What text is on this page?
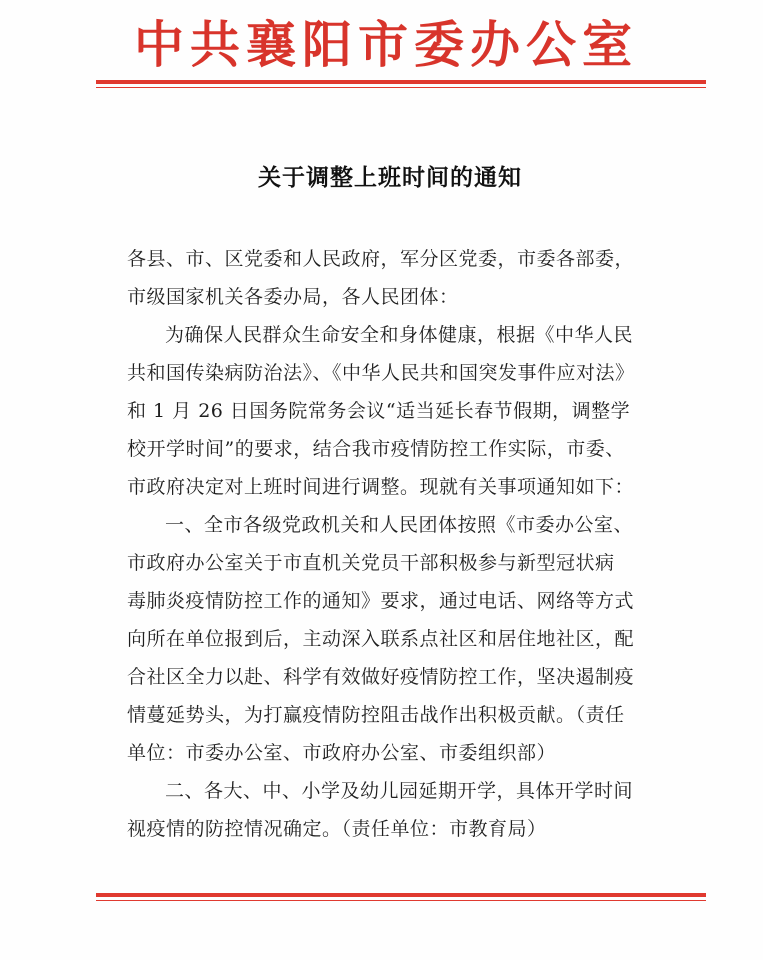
中共襄阳市委办公室
关于调整上班时间的通知
各县、市、区党委和人民政府，军分区党委，市委各部委，
市级国家机关各委办局，各人民团体：
为确保人民群众生命安全和身体健康，根据《中华人民
共和国传染病防治法》、《中华人民共和国突发事件应对法》
和 1 月 26 日国务院常务会议“适当延长春节假期，调整学
校开学时间”的要求，结合我市疫情防控工作实际，市委、
市政府决定对上班时间进行调整。现就有关事项通知如下：
一、全市各级党政机关和人民团体按照《市委办公室、
市政府办公室关于市直机关党员干部积极参与新型冠状病
毒肺炎疫情防控工作的通知》要求，通过电话、网络等方式
向所在单位报到后，主动深入联系点社区和居住地社区，配
合社区全力以赴、科学有效做好疫情防控工作，坚决遏制疫
情蔓延势头，为打赢疫情防控阻击战作出积极贡献。（责任
单位：市委办公室、市政府办公室、市委组织部）
二、各大、中、小学及幼儿园延期开学，具体开学时间
视疫情的防控情况确定。（责任单位：市教育局）
